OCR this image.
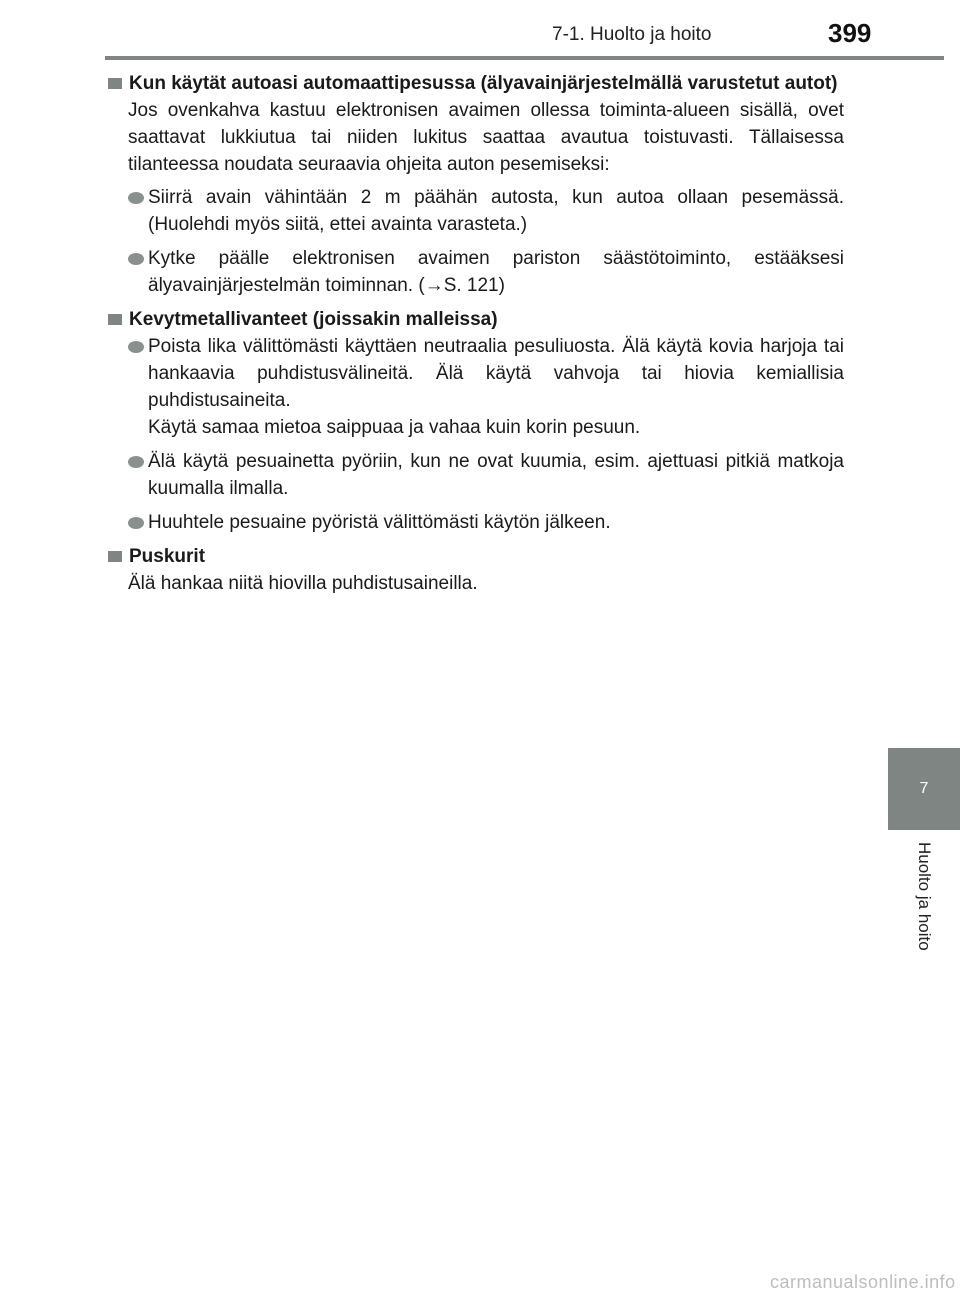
7-1. Huolto ja hoito	399
7
Huolto ja hoito
Kun käytät autoasi automaattipesussa (älyavainjärjestelmällä varustetut autot)

Jos ovenkahva kastuu elektronisen avaimen ollessa toiminta-alueen sisällä, ovet saattavat lukkiutua tai niiden lukitus saattaa avautua toistuvasti. Tällaisessa tilanteessa noudata seuraavia ohjeita auton pesemiseksi:

Siirrä avain vähintään 2 m päähän autosta, kun autoa ollaan pesemässä. (Huolehdi myös siitä, ettei avainta varasteta.)
Kytke päälle elektronisen avaimen pariston säästötoiminto, estääksesi älyavainjärjestelmän toiminnan. (→S. 121)
Kevytmetallivanteet (joissakin malleissa)
Poista lika välittömästi käyttäen neutraalia pesuliuosta. Älä käytä kovia harjoja tai hankaavia puhdistusvälineitä. Älä käytä vahvoja tai hiovia kemiallisia puhdistusaineita.
Käytä samaa mietoa saippuaa ja vahaa kuin korin pesuun.
Älä käytä pesuainetta pyöriin, kun ne ovat kuumia, esim. ajettuasi pitkiä matkoja kuumalla ilmalla.
Huuhtele pesuaine pyöristä välittömästi käytön jälkeen.
Puskurit

Älä hankaa niitä hiovilla puhdistusaineilla.

carmanualsonline.info
